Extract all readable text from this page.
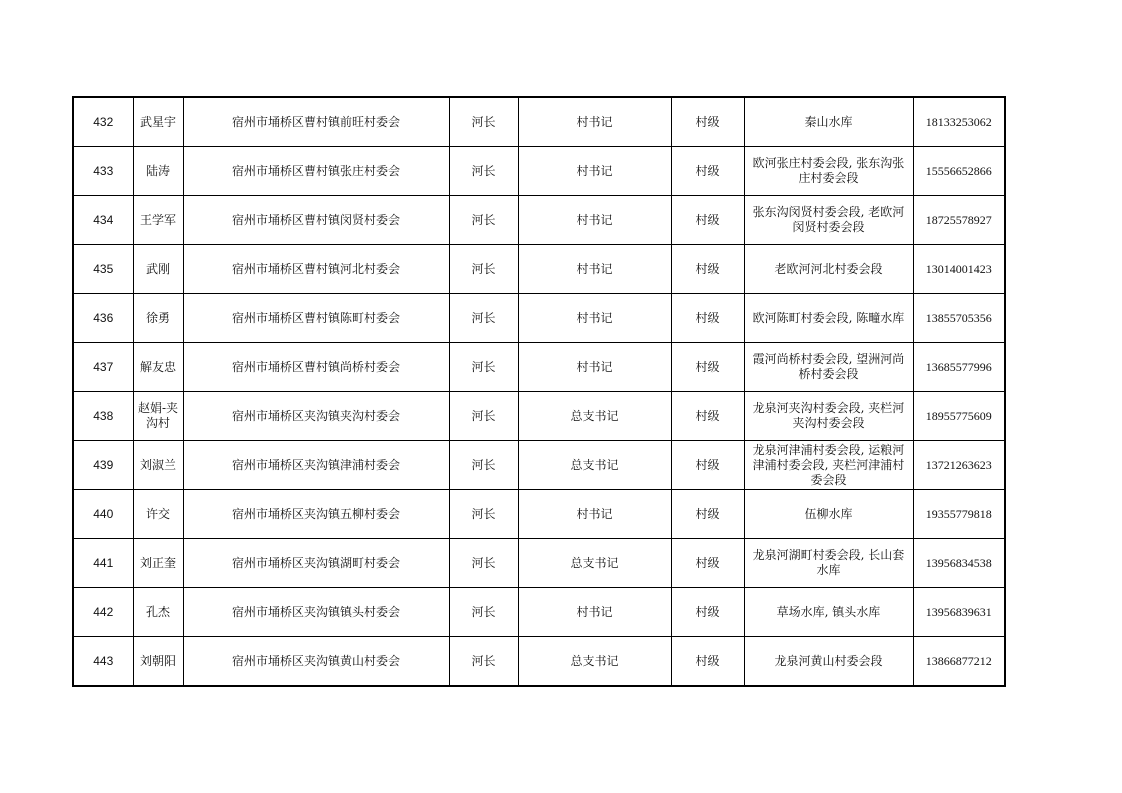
432	武星宇	宿州市埇桥区曹村镇前旺村委会	河长	村书记	村级	秦山水库	18133253062
433	陆涛	宿州市埇桥区曹村镇张庄村委会	河长	村书记	村级	欧河张庄村委会段, 张东沟张庄村委会段	15556652866
434	王学军	宿州市埇桥区曹村镇闵贤村委会	河长	村书记	村级	张东沟闵贤村委会段, 老欧河闵贤村委会段	18725578927
435	武刚	宿州市埇桥区曹村镇河北村委会	河长	村书记	村级	老欧河河北村委会段	13014001423
436	徐勇	宿州市埇桥区曹村镇陈町村委会	河长	村书记	村级	欧河陈町村委会段, 陈疃水库	13855705356
437	解友忠	宿州市埇桥区曹村镇尚桥村委会	河长	村书记	村级	霞河尚桥村委会段, 望洲河尚桥村委会段	13685577996
438	赵娟-夹沟村	宿州市埇桥区夹沟镇夹沟村委会	河长	总支书记	村级	龙泉河夹沟村委会段, 夹栏河夹沟村委会段	18955775609
439	刘淑兰	宿州市埇桥区夹沟镇津浦村委会	河长	总支书记	村级	龙泉河津浦村委会段, 运粮河津浦村委会段, 夹栏河津浦村委会段	13721263623
440	许交	宿州市埇桥区夹沟镇五柳村委会	河长	村书记	村级	伍柳水库	19355779818
441	刘正奎	宿州市埇桥区夹沟镇湖町村委会	河长	总支书记	村级	龙泉河湖町村委会段, 长山套水库	13956834538
442	孔杰	宿州市埇桥区夹沟镇镇头村委会	河长	村书记	村级	草场水库, 镇头水库	13956839631
443	刘朝阳	宿州市埇桥区夹沟镇黄山村委会	河长	总支书记	村级	龙泉河黄山村委会段	13866877212
